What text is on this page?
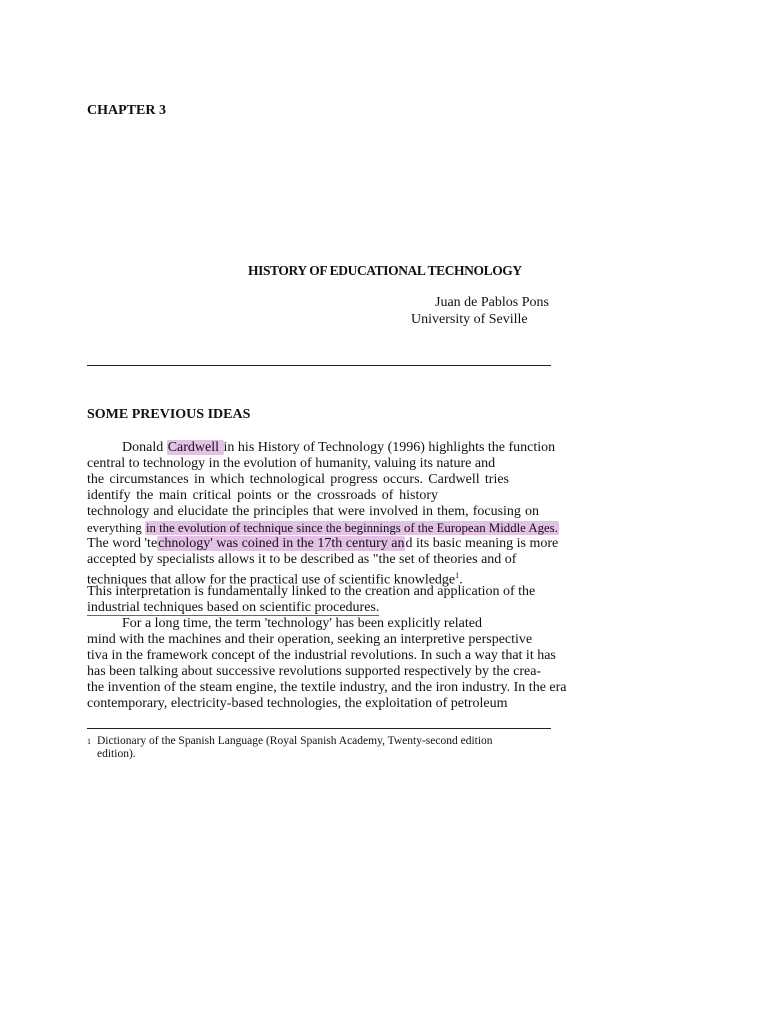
CHAPTER 3
HISTORY OF EDUCATIONAL TECHNOLOGY
Juan de Pablos Pons
University of Seville
SOME PREVIOUS IDEAS
Donald Cardwell in his History of Technology (1996) highlights the function
central to technology in the evolution of humanity, valuing its nature and
the circumstances in which technological progress occurs. Cardwell tries
identify the main critical points or the crossroads of history
technology and elucidate the principles that were involved in them, focusing on
everything in the evolution of technique since the beginnings of the European Middle Ages.
The word 'technology' was coined in the 17th century and its basic meaning is more
accepted by specialists allows it to be described as "the set of theories and of
techniques that allow for the practical use of scientific knowledge$^1$.
This interpretation is fundamentally linked to the creation and application of the
industrial techniques based on scientific procedures.
For a long time, the term 'technology' has been explicitly related
mind with the machines and their operation, seeking an interpretive perspective
tiva in the framework concept of the industrial revolutions. In such a way that it has
has been talking about successive revolutions supported respectively by the crea-
the invention of the steam engine, the textile industry, and the iron industry. In the era
contemporary, electricity-based technologies, the exploitation of petroleum
1 Dictionary of the Spanish Language (Royal Spanish Academy, Twenty-second edition
edition).
